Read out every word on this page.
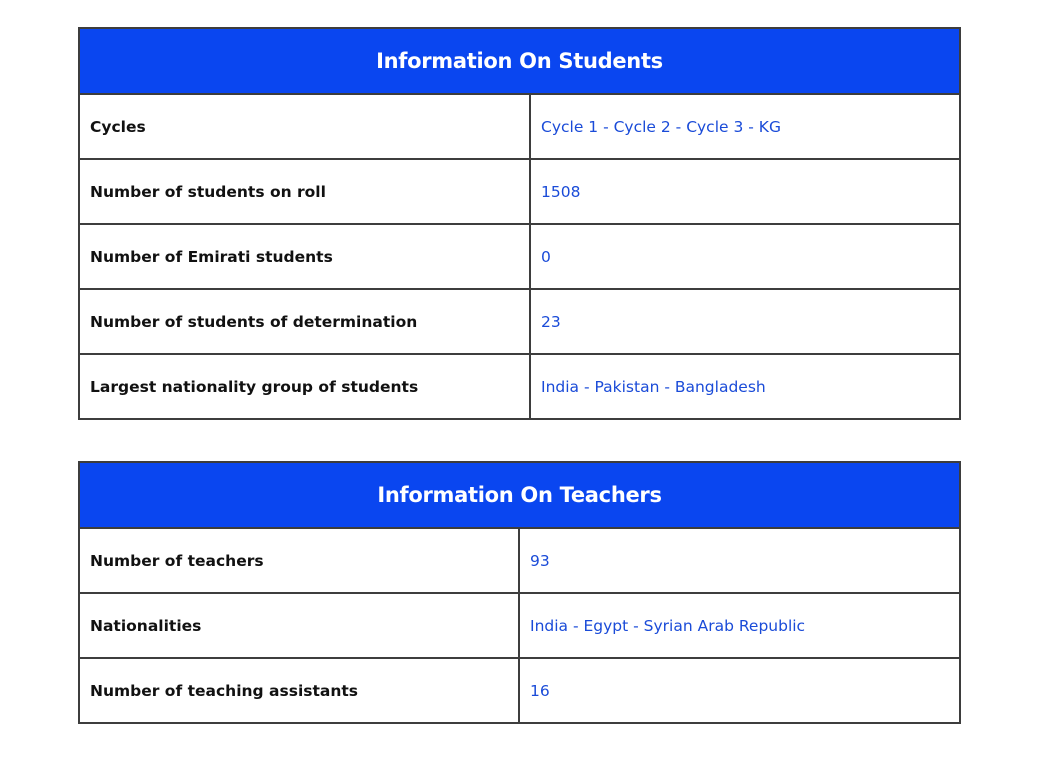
Information On Students	
Cycles	Cycle 1 - Cycle 2 - Cycle 3 - KG
Number of students on roll	1508
Number of Emirati students	0
Number of students of determination	23
Largest nationality group of students	India - Pakistan - Bangladesh
Information On Teachers	
Number of teachers	93
Nationalities	India - Egypt - Syrian Arab Republic
Number of teaching assistants	16
